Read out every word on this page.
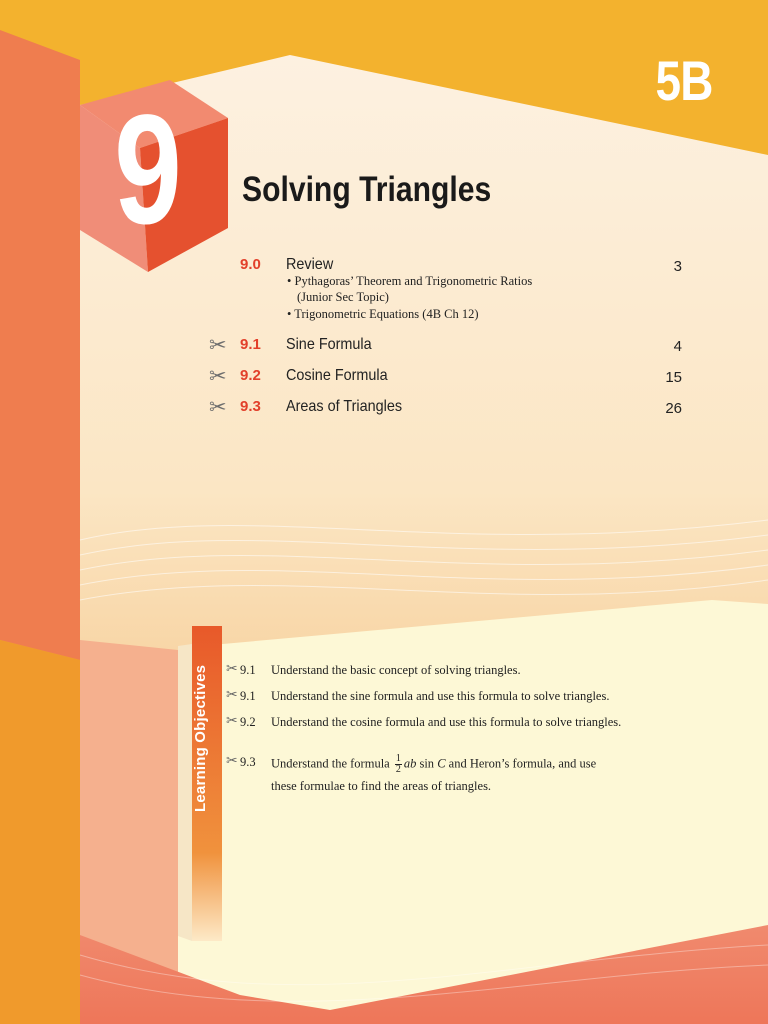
5B
9 Solving Triangles
9.0	Review	3
• Pythagoras’ Theorem and Trigonometric Ratios
(Junior Sec Topic)
• Trigonometric Equations (4B Ch 12)
✂ 9.1	Sine Formula	4
✂ 9.2	Cosine Formula	15
✂ 9.3	Areas of Triangles	26
Learning Objectives ✂ 9.1 Understand the basic concept of solving triangles.
✂ 9.1 Understand the sine formula and use this formula to solve triangles.
✂ 9.2 Understand the cosine formula and use this formula to solve triangles.
✂ 9.3 Understand the formula $\frac{1}{2}$ ab sin C and Heron’s formula, and use
these formulae to find the areas of triangles.
